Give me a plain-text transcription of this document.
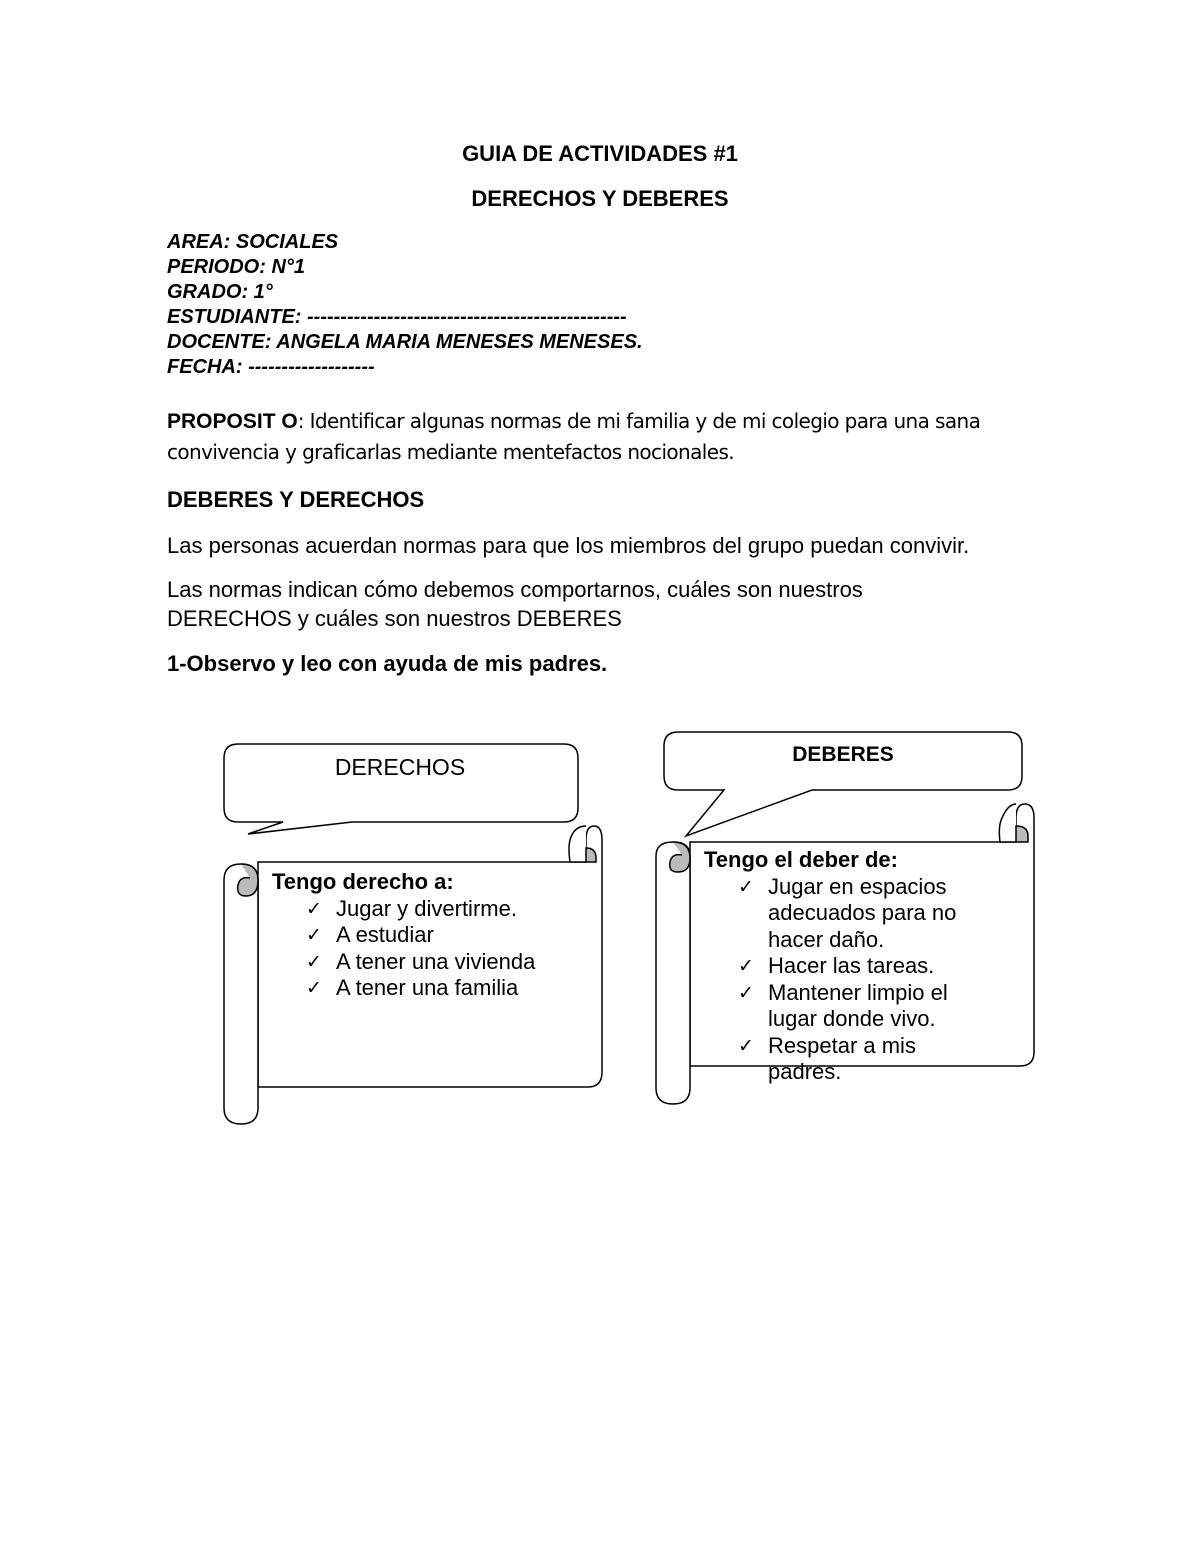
GUIA DE ACTIVIDADES #1
DERECHOS Y DEBERES
AREA: SOCIALES
PERIODO: N°1
GRADO: 1°
ESTUDIANTE: ------------------------------------------------
DOCENTE: ANGELA MARIA MENESES MENESES.
FECHA: -------------------
PROPOSIT O: Identificar algunas normas de mi familia y de mi colegio para una sana convivencia y graficarlas mediante mentefactos nocionales.
DEBERES Y DERECHOS
Las personas acuerdan normas para que los miembros del grupo puedan convivir.
Las normas indican cómo debemos comportarnos, cuáles son nuestros DERECHOS y cuáles son nuestros DEBERES
1-Observo y leo con ayuda de mis padres.
DERECHOS	DEBERES
Tengo derecho a:
✓ Jugar y divertirme.
✓ A estudiar
✓ A tener una vivienda
✓ A tener una familia
Tengo el deber de:
✓ Jugar en espacios adecuados para no hacer daño.
✓ Hacer las tareas.
✓ Mantener limpio el lugar donde vivo.
✓ Respetar a mis padres.
